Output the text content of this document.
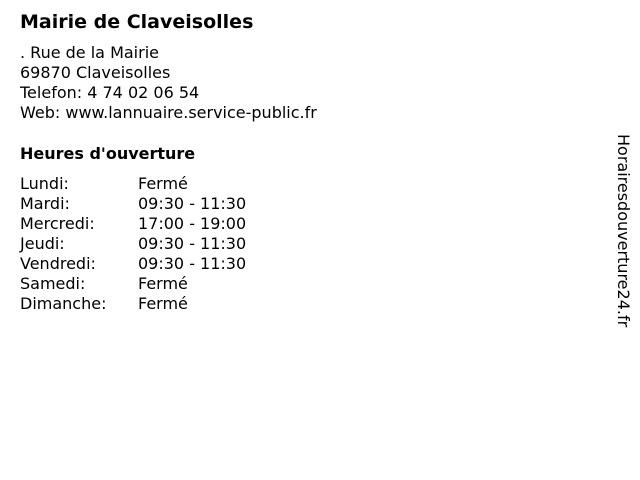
Mairie de Claveisolles
. Rue de la Mairie
69870 Claveisolles
Telefon: 4 74 02 06 54
Web: www.lannuaire.service-public.fr
Heures d'ouverture
Lundi:	Fermé
Mardi:	09:30 - 11:30
Mercredi:	17:00 - 19:00
Jeudi:	09:30 - 11:30
Vendredi:	09:30 - 11:30
Samedi:	Fermé
Dimanche:	Fermé	Horairesdouverture24.fr
